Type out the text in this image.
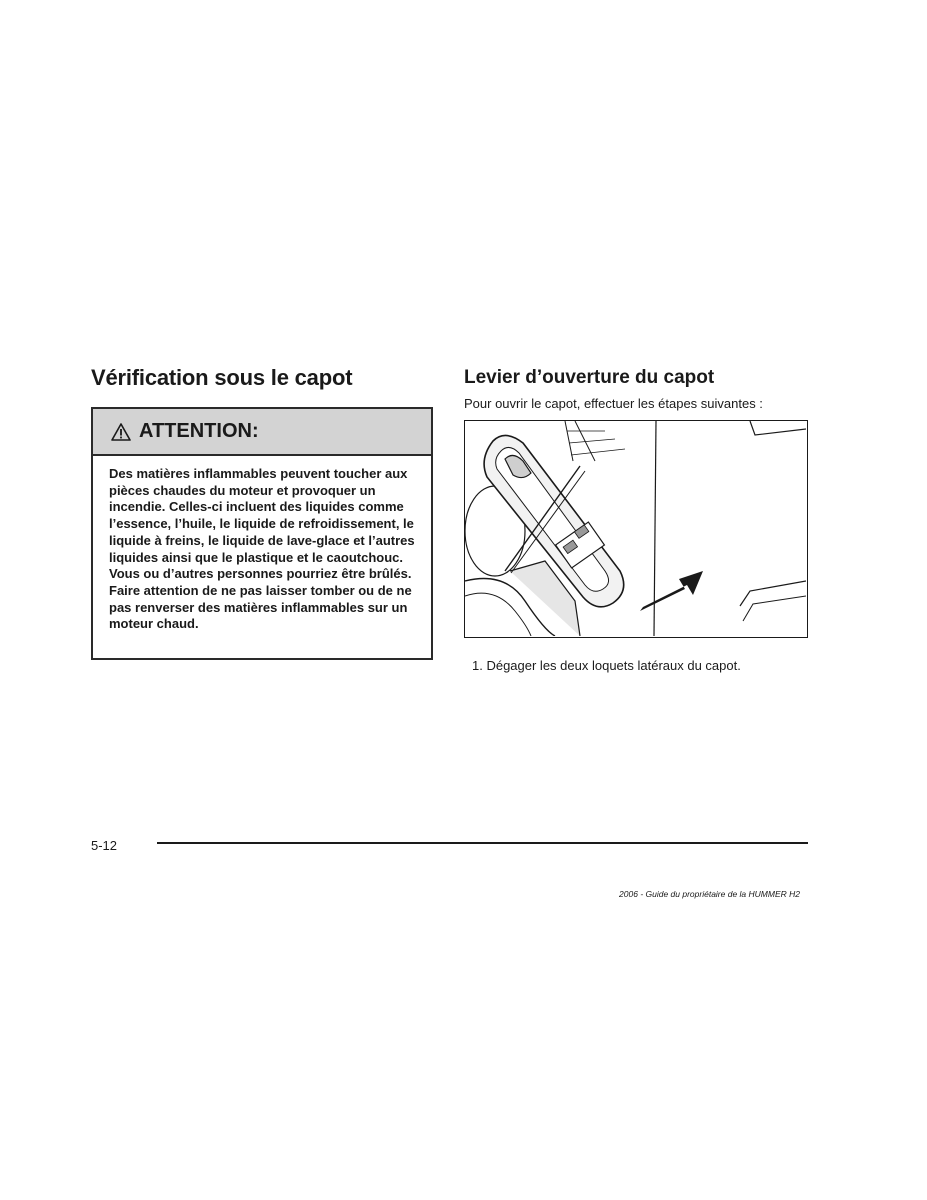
Vérification sous le capot
ATTENTION:

Des matières inflammables peuvent toucher aux pièces chaudes du moteur et provoquer un incendie. Celles-ci incluent des liquides comme l’essence, l’huile, le liquide de refroidissement, le liquide à freins, le liquide de lave-glace et l’autres liquides ainsi que le plastique et le caoutchouc. Vous ou d’autres personnes pourriez être brûlés. Faire attention de ne pas laisser tomber ou de ne pas renverser des matières inflammables sur un moteur chaud.

Levier d’ouverture du capot

Pour ouvrir le capot, effectuer les étapes suivantes :

1. Dégager les deux loquets latéraux du capot.

5-12

2006 - Guide du propriétaire de la HUMMER H2
